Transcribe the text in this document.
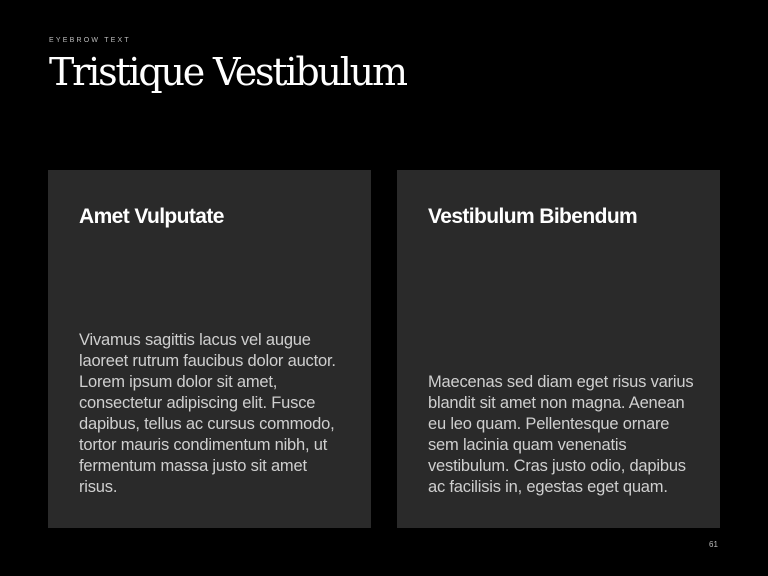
EYEBROW TEXT
Tristique Vestibulum
Amet Vulputate

Vivamus sagittis lacus vel augue laoreet rutrum faucibus dolor auctor. Lorem ipsum dolor sit amet, consectetur adipiscing elit. Fusce dapibus, tellus ac cursus commodo, tortor mauris condimentum nibh, ut fermentum massa justo sit amet risus.

Vestibulum Bibendum

Maecenas sed diam eget risus varius blandit sit amet non magna. Aenean eu leo quam. Pellentesque ornare sem lacinia quam venenatis vestibulum. Cras justo odio, dapibus ac facilisis in, egestas eget quam.

61
